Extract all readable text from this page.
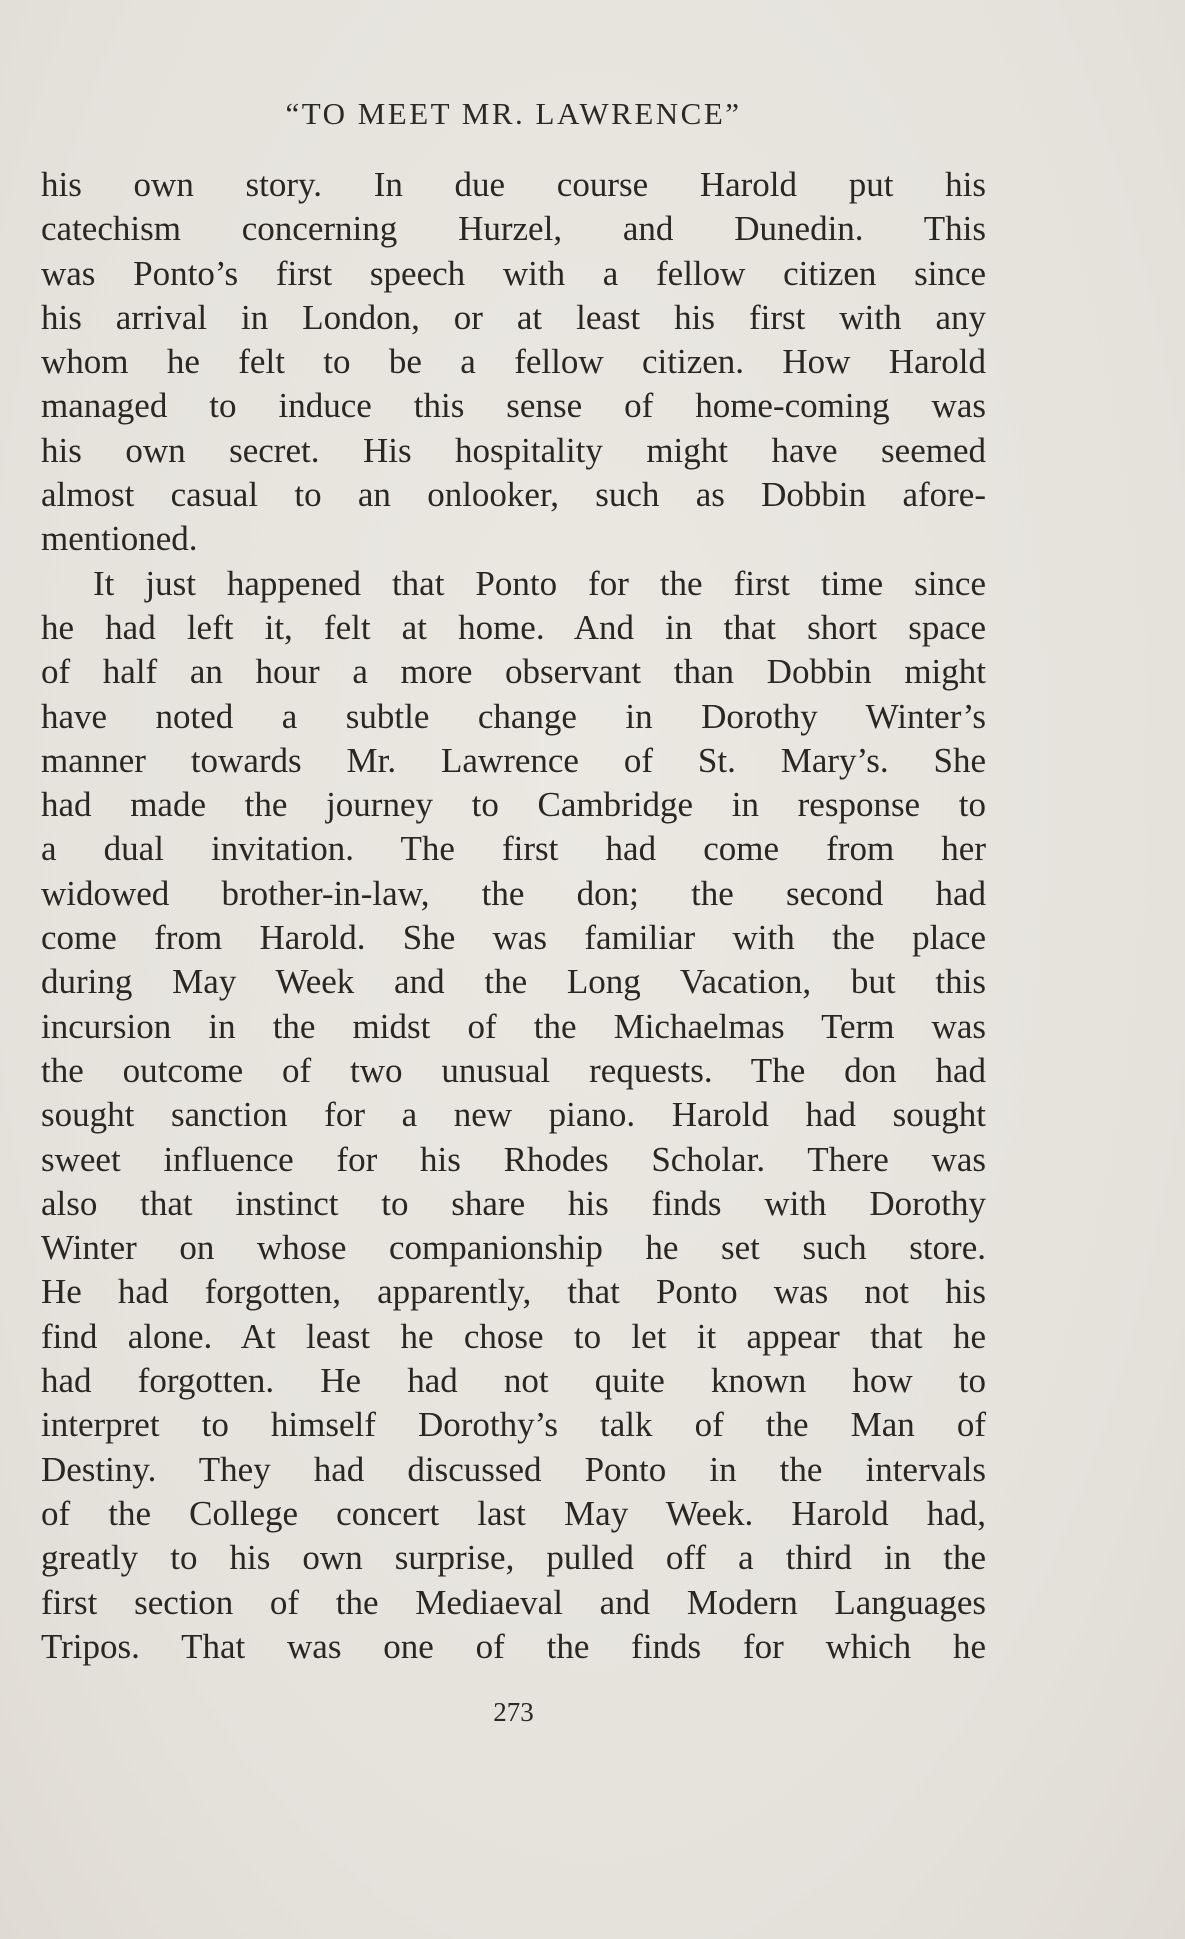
“TO MEET MR. LAWRENCE”
his own story. In due course Harold put his
catechism concerning Hurzel, and Dunedin. This
was Ponto’s first speech with a fellow citizen since
his arrival in London, or at least his first with any
whom he felt to be a fellow citizen. How Harold
managed to induce this sense of home-coming was
his own secret. His hospitality might have seemed
almost casual to an onlooker, such as Dobbin afore-
mentioned.
It just happened that Ponto for the first time since
he had left it, felt at home. And in that short space
of half an hour a more observant than Dobbin might
have noted a subtle change in Dorothy Winter’s
manner towards Mr. Lawrence of St. Mary’s. She
had made the journey to Cambridge in response to
a dual invitation. The first had come from her
widowed brother-in-law, the don; the second had
come from Harold. She was familiar with the place
during May Week and the Long Vacation, but this
incursion in the midst of the Michaelmas Term was
the outcome of two unusual requests. The don had
sought sanction for a new piano. Harold had sought
sweet influence for his Rhodes Scholar. There was
also that instinct to share his finds with Dorothy
Winter on whose companionship he set such store.
He had forgotten, apparently, that Ponto was not his
find alone. At least he chose to let it appear that he
had forgotten. He had not quite known how to
interpret to himself Dorothy’s talk of the Man of
Destiny. They had discussed Ponto in the intervals
of the College concert last May Week. Harold had,
greatly to his own surprise, pulled off a third in the
first section of the Mediaeval and Modern Languages
Tripos. That was one of the finds for which he
273
